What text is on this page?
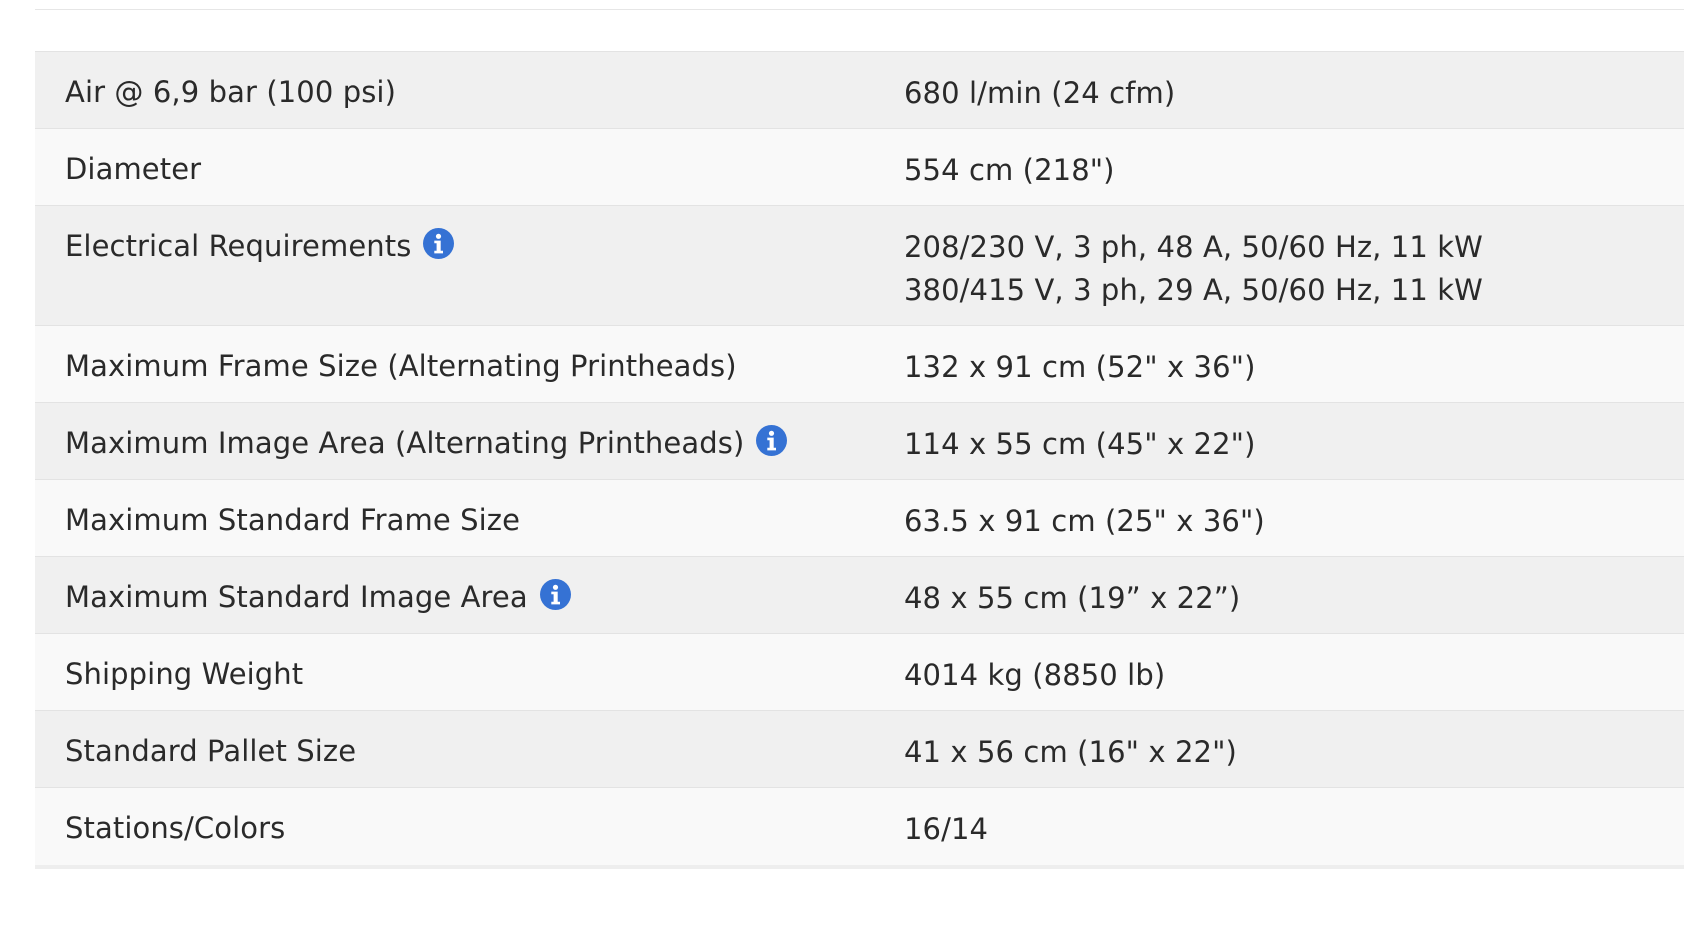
Air @ 6,9 bar (100 psi)	680 l/min (24 cfm)
Diameter	554 cm (218")
Electrical Requirements	208/230 V, 3 ph, 48 A, 50/60 Hz, 11 kW
380/415 V, 3 ph, 29 A, 50/60 Hz, 11 kW
Maximum Frame Size (Alternating Printheads)	132 x 91 cm (52" x 36")
Maximum Image Area (Alternating Printheads)	114 x 55 cm (45" x 22")
Maximum Standard Frame Size	63.5 x 91 cm (25" x 36")
Maximum Standard Image Area	48 x 55 cm (19” x 22”)
Shipping Weight	4014 kg (8850 lb)
Standard Pallet Size	41 x 56 cm (16" x 22")
Stations/Colors	16/14
